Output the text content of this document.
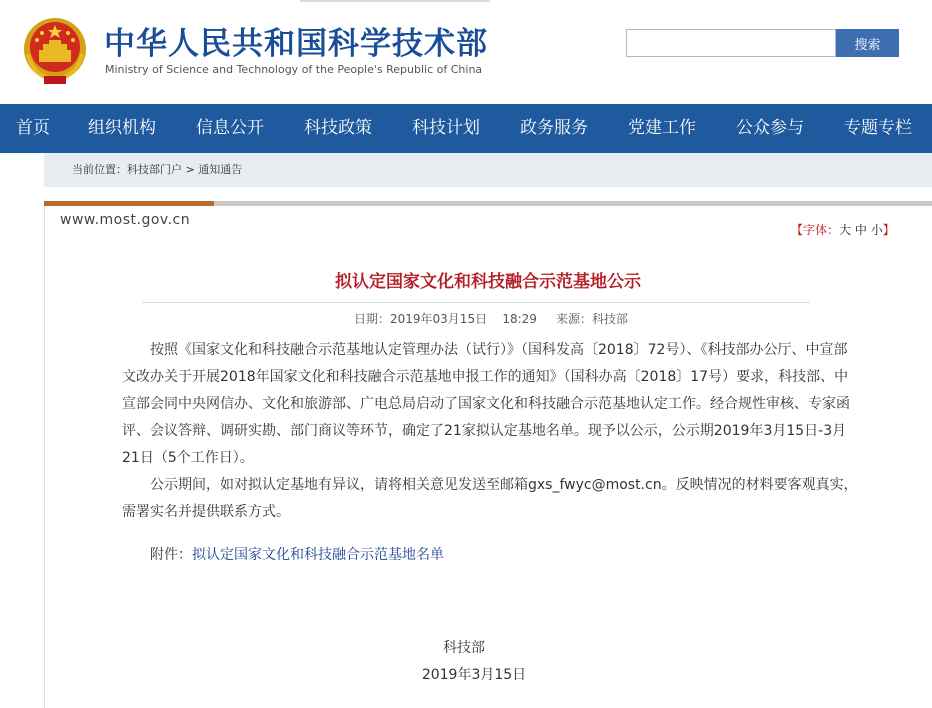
中华人民共和国科学技术部
Ministry of Science and Technology of the People's Republic of China
搜索
首页 组织机构 信息公开 科技政策 科技计划 政务服务 党建工作 公众参与 专题专栏
当前位置：科技部门户 > 通知通告
www.most.gov.cn
【字体：大 中 小】
拟认定国家文化和科技融合示范基地公示
日期：2019年03月15日    18:29     来源：科技部

按照《国家文化和科技融合示范基地认定管理办法（试行）》（国科发高〔2018〕72号）、《科技部办公厅、中宣部文改办关于开展2018年国家文化和科技融合示范基地申报工作的通知》（国科办高〔2018〕17号）要求，科技部、中宣部会同中央网信办、文化和旅游部、广电总局启动了国家文化和科技融合示范基地认定工作。经合规性审核、专家函评、会议答辩、调研实勘、部门商议等环节，确定了21家拟认定基地名单。现予以公示，公示期2019年3月15日-3月21日（5个工作日）。

公示期间，如对拟认定基地有异议，请将相关意见发送至邮箱gxs_fwyc@most.cn。反映情况的材料要客观真实，需署实名并提供联系方式。

附件：拟认定国家文化和科技融合示范基地名单
科技部
2019年3月15日
